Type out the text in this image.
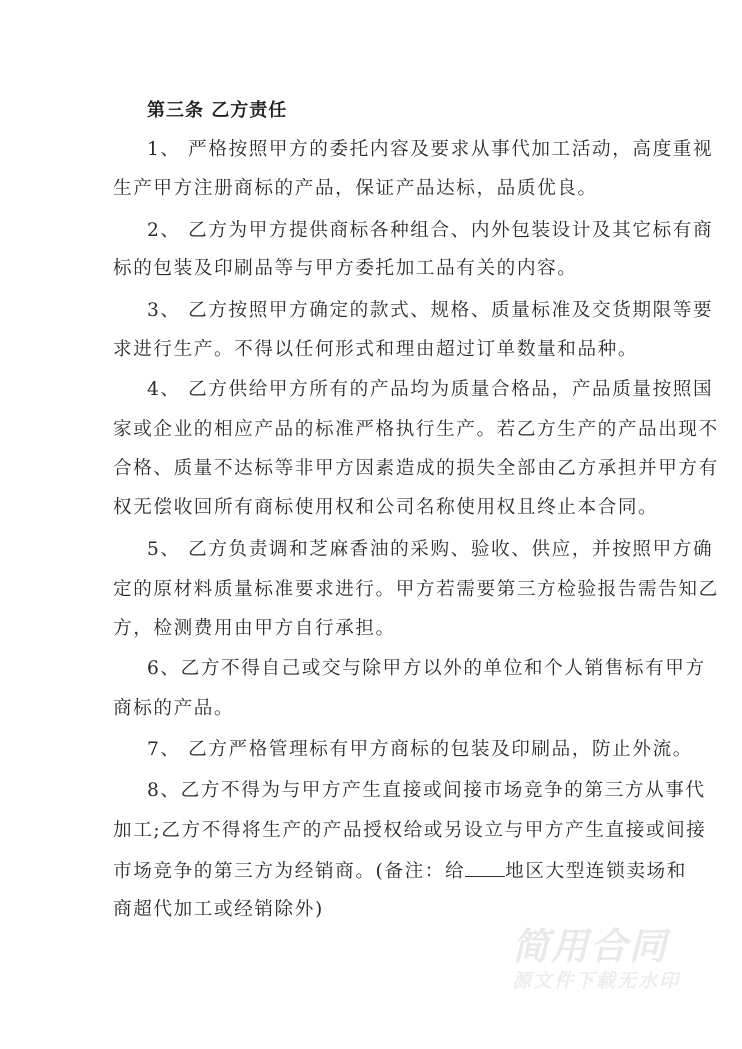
第三条 乙方责任
1、 严格按照甲方的委托内容及要求从事代加工活动，高度重视
生产甲方注册商标的产品，保证产品达标，品质优良。
2、 乙方为甲方提供商标各种组合、内外包装设计及其它标有商
标的包装及印刷品等与甲方委托加工品有关的内容。
3、 乙方按照甲方确定的款式、规格、质量标准及交货期限等要
求进行生产。不得以任何形式和理由超过订单数量和品种。
4、 乙方供给甲方所有的产品均为质量合格品，产品质量按照国
家或企业的相应产品的标准严格执行生产。若乙方生产的产品出现不
合格、质量不达标等非甲方因素造成的损失全部由乙方承担并甲方有
权无偿收回所有商标使用权和公司名称使用权且终止本合同。
5、 乙方负责调和芝麻香油的采购、验收、供应，并按照甲方确
定的原材料质量标准要求进行。甲方若需要第三方检验报告需告知乙
方，检测费用由甲方自行承担。
6、乙方不得自己或交与除甲方以外的单位和个人销售标有甲方
商标的产品。
7、 乙方严格管理标有甲方商标的包装及印刷品，防止外流。
8、乙方不得为与甲方产生直接或间接市场竞争的第三方从事代
加工;乙方不得将生产的产品授权给或另设立与甲方产生直接或间接
市场竞争的第三方为经销商。(备注：给 地区大型连锁卖场和
商超代加工或经销除外)
简用合同
源文件下载无水印
